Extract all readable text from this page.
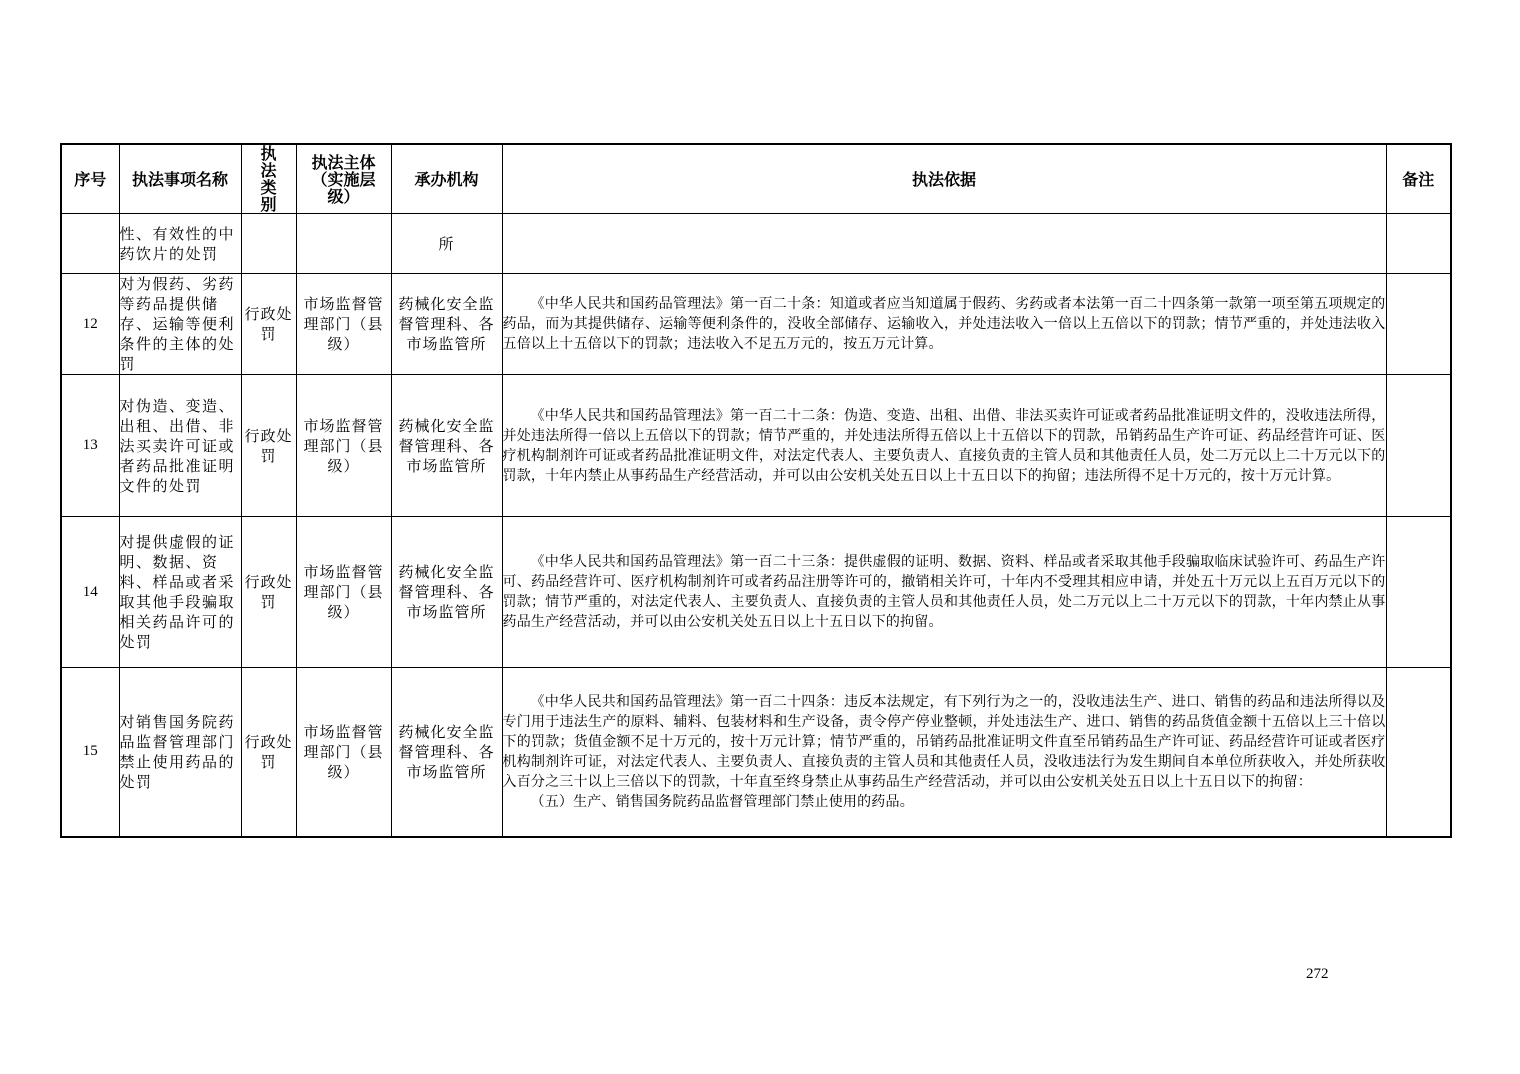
序号	执法事项名称	执法类别	执法主体（实施层级）	承办机构	执法依据	备注
	性、有效性的中药饮片的处罚			所		
12	对为假药、劣药等药品提供储存、运输等便利条件的主体的处罚	行政处罚	市场监督管理部门（县级）	药械化安全监督管理科、各市场监管所	《中华人民共和国药品管理法》第一百二十条：知道或者应当知道属于假药、劣药或者本法第一百二十四条第一款第一项至第五项规定的药品，而为其提供储存、运输等便利条件的，没收全部储存、运输收入，并处违法收入一倍以上五倍以下的罚款；情节严重的，并处违法收入五倍以上十五倍以下的罚款；违法收入不足五万元的，按五万元计算。	

13	对伪造、变造、出租、出借、非法买卖许可证或者药品批准证明文件的处罚	行政处罚	市场监督管理部门（县级）	药械化安全监督管理科、各市场监管所	《中华人民共和国药品管理法》第一百二十二条：伪造、变造、出租、出借、非法买卖许可证或者药品批准证明文件的，没收违法所得，并处违法所得一倍以上五倍以下的罚款；情节严重的，并处违法所得五倍以上十五倍以下的罚款，吊销药品生产许可证、药品经营许可证、医疗机构制剂许可证或者药品批准证明文件，对法定代表人、主要负责人、直接负责的主管人员和其他责任人员，处二万元以上二十万元以下的罚款，十年内禁止从事药品生产经营活动，并可以由公安机关处五日以上十五日以下的拘留；违法所得不足十万元的，按十万元计算。	

14	对提供虚假的证明、数据、资料、样品或者采取其他手段骗取相关药品许可的处罚	行政处罚	市场监督管理部门（县级）	药械化安全监督管理科、各市场监管所	《中华人民共和国药品管理法》第一百二十三条：提供虚假的证明、数据、资料、样品或者采取其他手段骗取临床试验许可、药品生产许可、药品经营许可、医疗机构制剂许可或者药品注册等许可的，撤销相关许可，十年内不受理其相应申请，并处五十万元以上五百万元以下的罚款；情节严重的，对法定代表人、主要负责人、直接负责的主管人员和其他责任人员，处二万元以上二十万元以下的罚款，十年内禁止从事药品生产经营活动，并可以由公安机关处五日以上十五日以下的拘留。	

15	对销售国务院药品监督管理部门禁止使用药品的处罚	行政处罚	市场监督管理部门（县级）	药械化安全监督管理科、各市场监管所	《中华人民共和国药品管理法》第一百二十四条：违反本法规定，有下列行为之一的，没收违法生产、进口、销售的药品和违法所得以及专门用于违法生产的原料、辅料、包装材料和生产设备，责令停产停业整顿，并处违法生产、进口、销售的药品货值金额十五倍以上三十倍以下的罚款；货值金额不足十万元的，按十万元计算；情节严重的，吊销药品批准证明文件直至吊销药品生产许可证、药品经营许可证或者医疗机构制剂许可证，对法定代表人、主要负责人、直接负责的主管人员和其他责任人员，没收违法行为发生期间自本单位所获收入，并处所获收入百分之三十以上三倍以下的罚款，十年直至终身禁止从事药品生产经营活动，并可以由公安机关处五日以上十五日以下的拘留：

（五）生产、销售国务院药品监督管理部门禁止使用的药品。	

272
